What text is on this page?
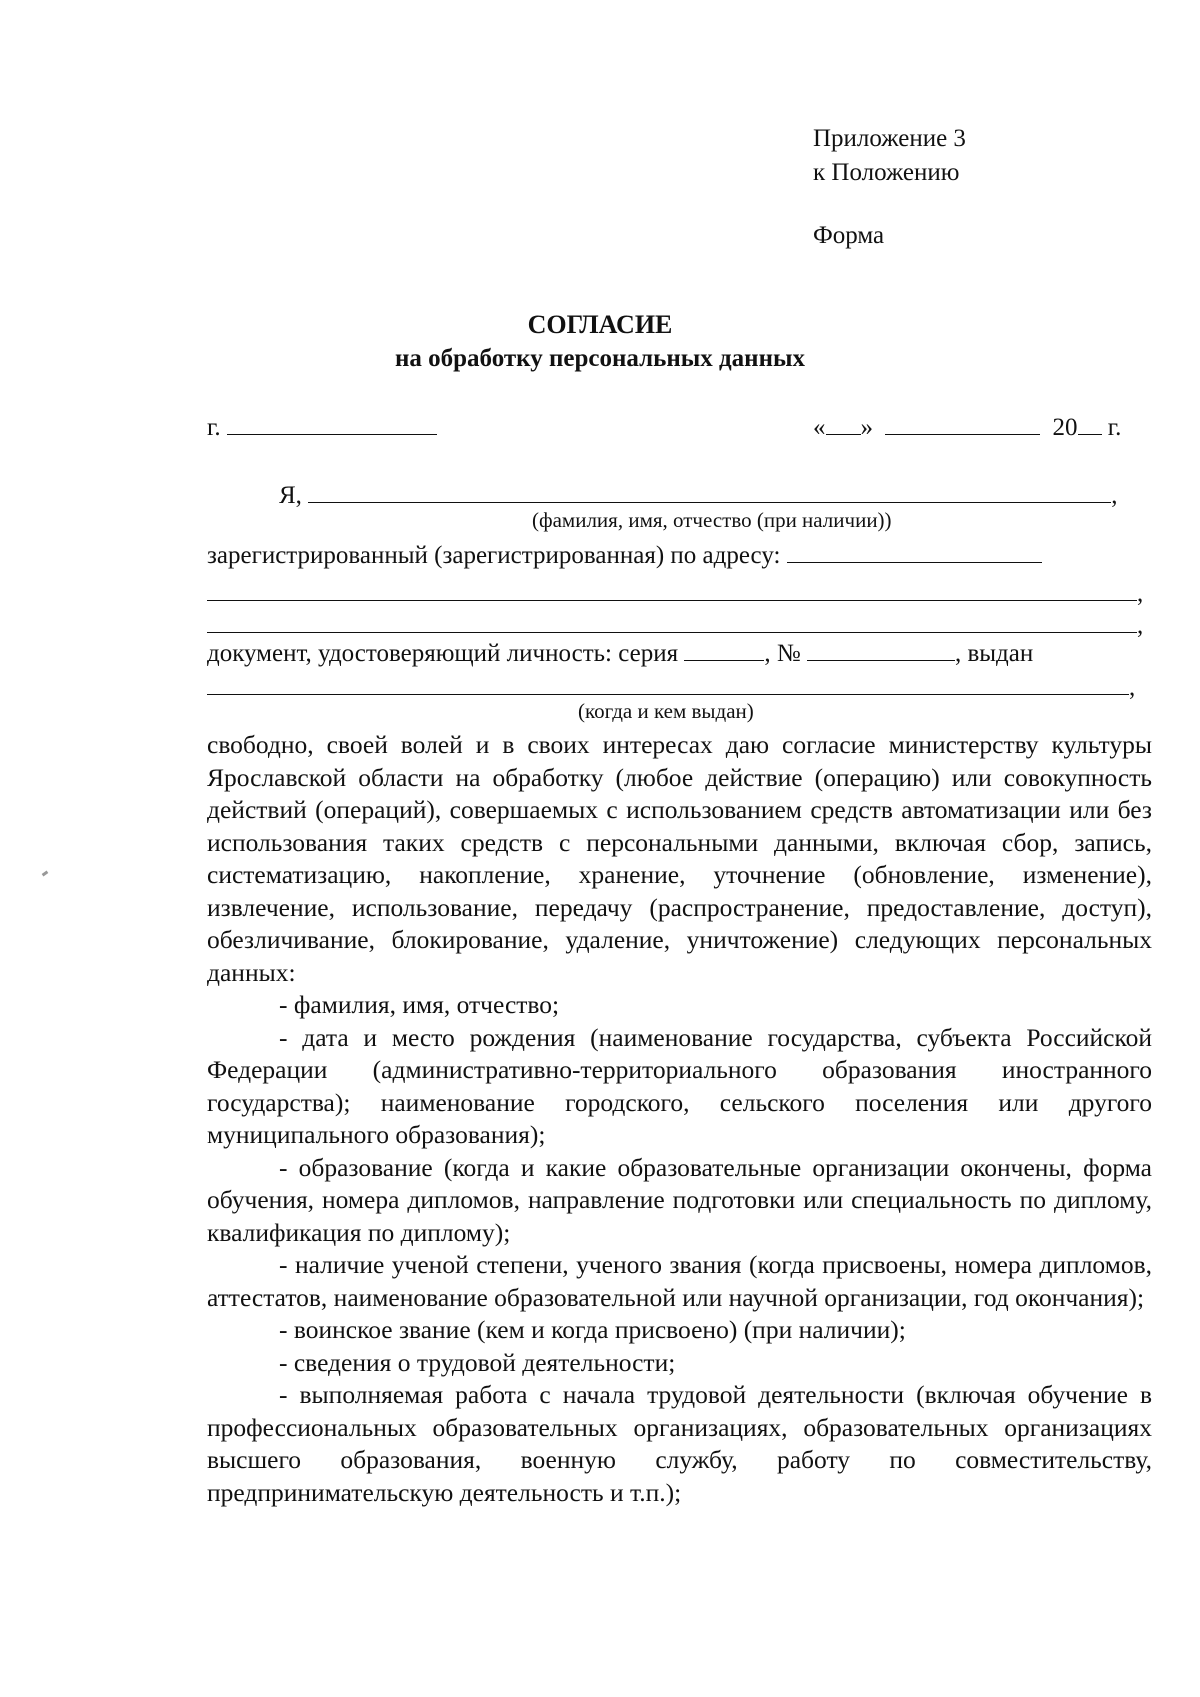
Приложение 3
к Положению
Форма
СОГЛАСИЕ
на обработку персональных данных
г.	« »	20 г.
Я,	,
(фамилия, имя, отчество (при наличии))
зарегистрированный (зарегистрированная) по адресу:
,
,
документ, удостоверяющий личность: серия	, №	, выдан
,
(когда и кем выдан)

свободно, своей волей и в своих интересах даю согласие министерству культуры Ярославской области на обработку (любое действие (операцию) или совокупность действий (операций), совершаемых с использованием средств автоматизации или без использования таких средств с персональными данными, включая сбор, запись, систематизацию, накопление, хранение, уточнение (обновление, изменение), извлечение, использование, передачу (распространение, предоставление, доступ), обезличивание, блокирование, удаление, уничтожение) следующих персональных данных:

- фамилия, имя, отчество;

- дата и место рождения (наименование государства, субъекта Российской Федерации (административно-территориального образования иностранного государства); наименование городского, сельского поселения или другого муниципального образования);

- образование (когда и какие образовательные организации окончены, форма обучения, номера дипломов, направление подготовки или специальность по диплому, квалификация по диплому);

- наличие ученой степени, ученого звания (когда присвоены, номера дипломов, аттестатов, наименование образовательной или научной организации, год окончания);

- воинское звание (кем и когда присвоено) (при наличии);

- сведения о трудовой деятельности;

- выполняемая работа с начала трудовой деятельности (включая обучение в профессиональных образовательных организациях, образовательных организациях высшего образования, военную службу, работу по совместительству, предпринимательскую деятельность и т.п.);
